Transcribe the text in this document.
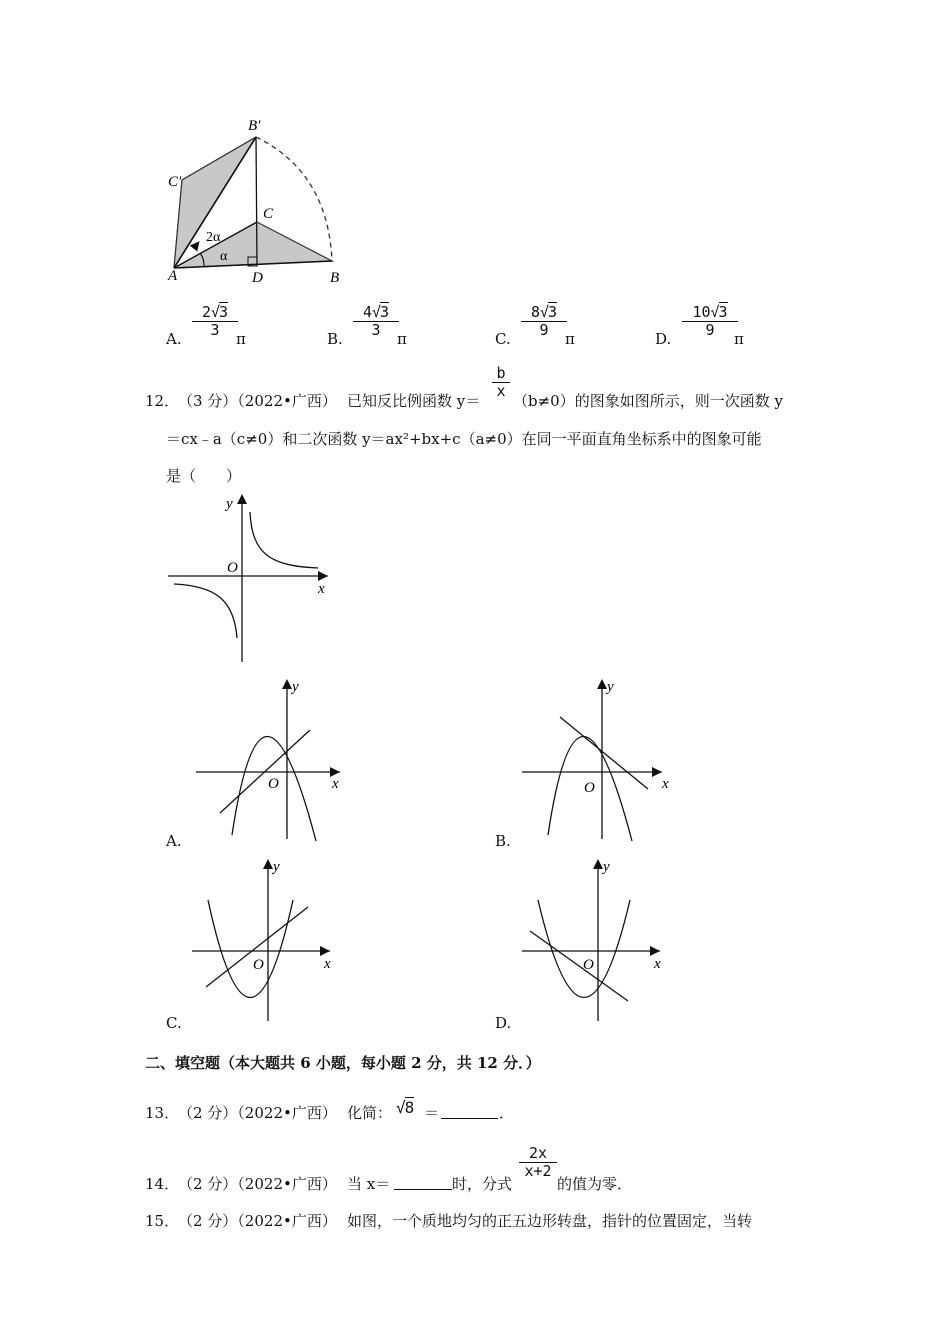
B′
C′
C
2α
α
A	D	B
A. $\frac{2√3}{3}$
π	B. $\frac{4√3}{3}$
π	C. $\frac{8√3}{9}$
π	D. $\frac{10√3}{9}$
π
12．
（3 分）（2022•广西） 已知反比例函数 y＝
$\frac{b}{x}$
（b≠0）的图象如图所示，则一次函数 y
＝cx﹣a（c≠0）和二次函数 y＝ax²+bx+c（a≠0）在同一平面直角坐标系中的图象可能
是（　　）
y
O
x
y
O	x
A.
y
O	x
B.
y
O	x
C.
y
O	x
D.
二、填空题（本大题共 6 小题，每小题 2 分，共 12 分．）
13．
（2 分）（2022•广西） 化简： √8 ＝	．
14．
（2 分）（2022•广西） 当 x＝	时，分式
$\frac{2x}{x+2}$
的值为零．
15．
（2 分）（2022•广西） 如图，一个质地均匀的正五边形转盘，指针的位置固定，当转
